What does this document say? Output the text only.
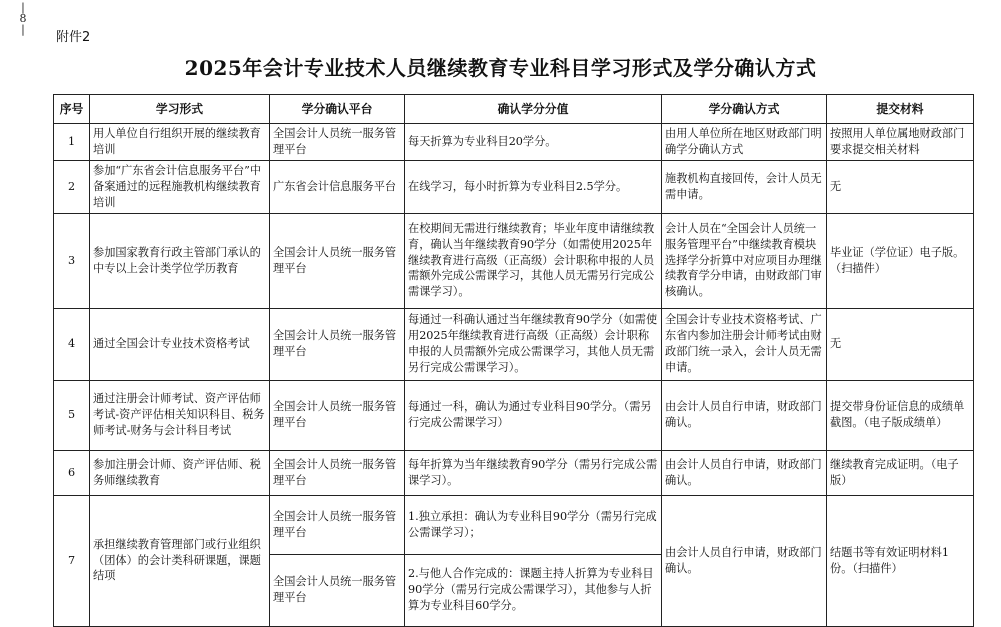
|
8
|
附件2
2025年会计专业技术人员继续教育专业科目学习形式及学分确认方式
序号	学习形式	学分确认平台	确认学分分值	学分确认方式	提交材料
1	用人单位自行组织开展的继续教育培训	全国会计人员统一服务管理平台	每天折算为专业科目20学分。	由用人单位所在地区财政部门明确学分确认方式	按照用人单位属地财政部门要求提交相关材料
2	参加“广东省会计信息服务平台”中备案通过的远程施教机构继续教育培训	广东省会计信息服务平台	在线学习，每小时折算为专业科目2.5学分。	施教机构直接回传，会计人员无需申请。	无
3	参加国家教育行政主管部门承认的中专以上会计类学位学历教育	全国会计人员统一服务管理平台	在校期间无需进行继续教育；毕业年度申请继续教育，确认当年继续教育90学分（如需使用2025年继续教育进行高级（正高级）会计职称申报的人员需额外完成公需课学习，其他人员无需另行完成公需课学习）。	会计人员在“全国会计人员统一服务管理平台”中继续教育模块选择学分折算中对应项目办理继续教育学分申请，由财政部门审核确认。	毕业证（学位证）电子版。（扫描件）
4	通过全国会计专业技术资格考试	全国会计人员统一服务管理平台	每通过一科确认通过当年继续教育90学分（如需使用2025年继续教育进行高级（正高级）会计职称申报的人员需额外完成公需课学习，其他人员无需另行完成公需课学习）。	全国会计专业技术资格考试、广东省内参加注册会计师考试由财政部门统一录入，会计人员无需申请。	无
5	通过注册会计师考试、资产评估师考试-资产评估相关知识科目、税务师考试-财务与会计科目考试	全国会计人员统一服务管理平台	每通过一科，确认为通过专业科目90学分。（需另行完成公需课学习）	由会计人员自行申请，财政部门确认。	提交带身份证信息的成绩单截图。（电子版成绩单）
6	参加注册会计师、资产评估师、税务师继续教育	全国会计人员统一服务管理平台	每年折算为当年继续教育90学分（需另行完成公需课学习）。	由会计人员自行申请，财政部门确认。	继续教育完成证明。（电子版）
7	承担继续教育管理部门或行业组织（团体）的会计类科研课题，课题结项	全国会计人员统一服务管理平台	1.独立承担：确认为专业科目90学分（需另行完成公需课学习）；	由会计人员自行申请，财政部门确认。	结题书等有效证明材料1份。（扫描件）
		全国会计人员统一服务管理平台	2.与他人合作完成的：课题主持人折算为专业科目90学分（需另行完成公需课学习），其他参与人折算为专业科目60学分。		
